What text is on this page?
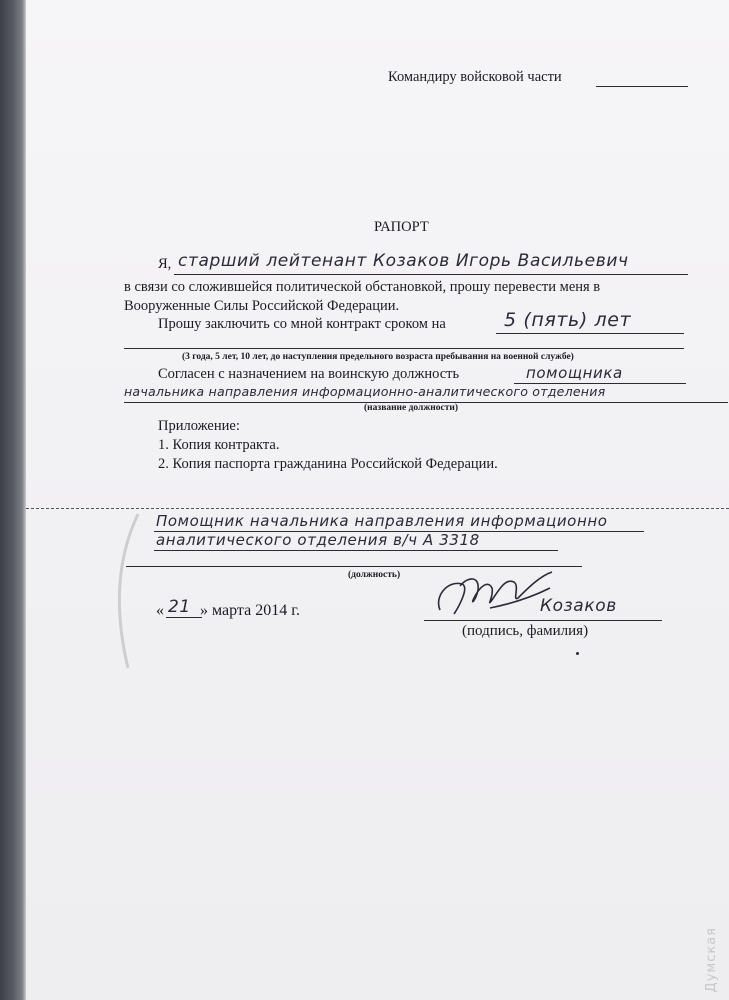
Командиру войсковой части
РАПОРТ
Я, старший лейтенант Козаков Игорь Васильевич
в связи со сложившейся политической обстановкой, прошу перевести меня в
Вооруженные Силы Российской Федерации.
Прошу заключить со мной контракт сроком на	5 (пять) лет
(3 года, 5 лет, 10 лет, до наступления предельного возраста пребывания на военной службе)
Согласен с назначением на воинскую должность	помощника
начальника направления информационно-аналитического отделения
(название должности)
Приложение:
1. Копия контракта.
2. Копия паспорта гражданина Российской Федерации.
Помощник начальника направления информационно
аналитического отделения в/ч А 3318
(должность)
« 21 » марта 2014 г.	Козаков
(подпись, фамилия)
Думская
